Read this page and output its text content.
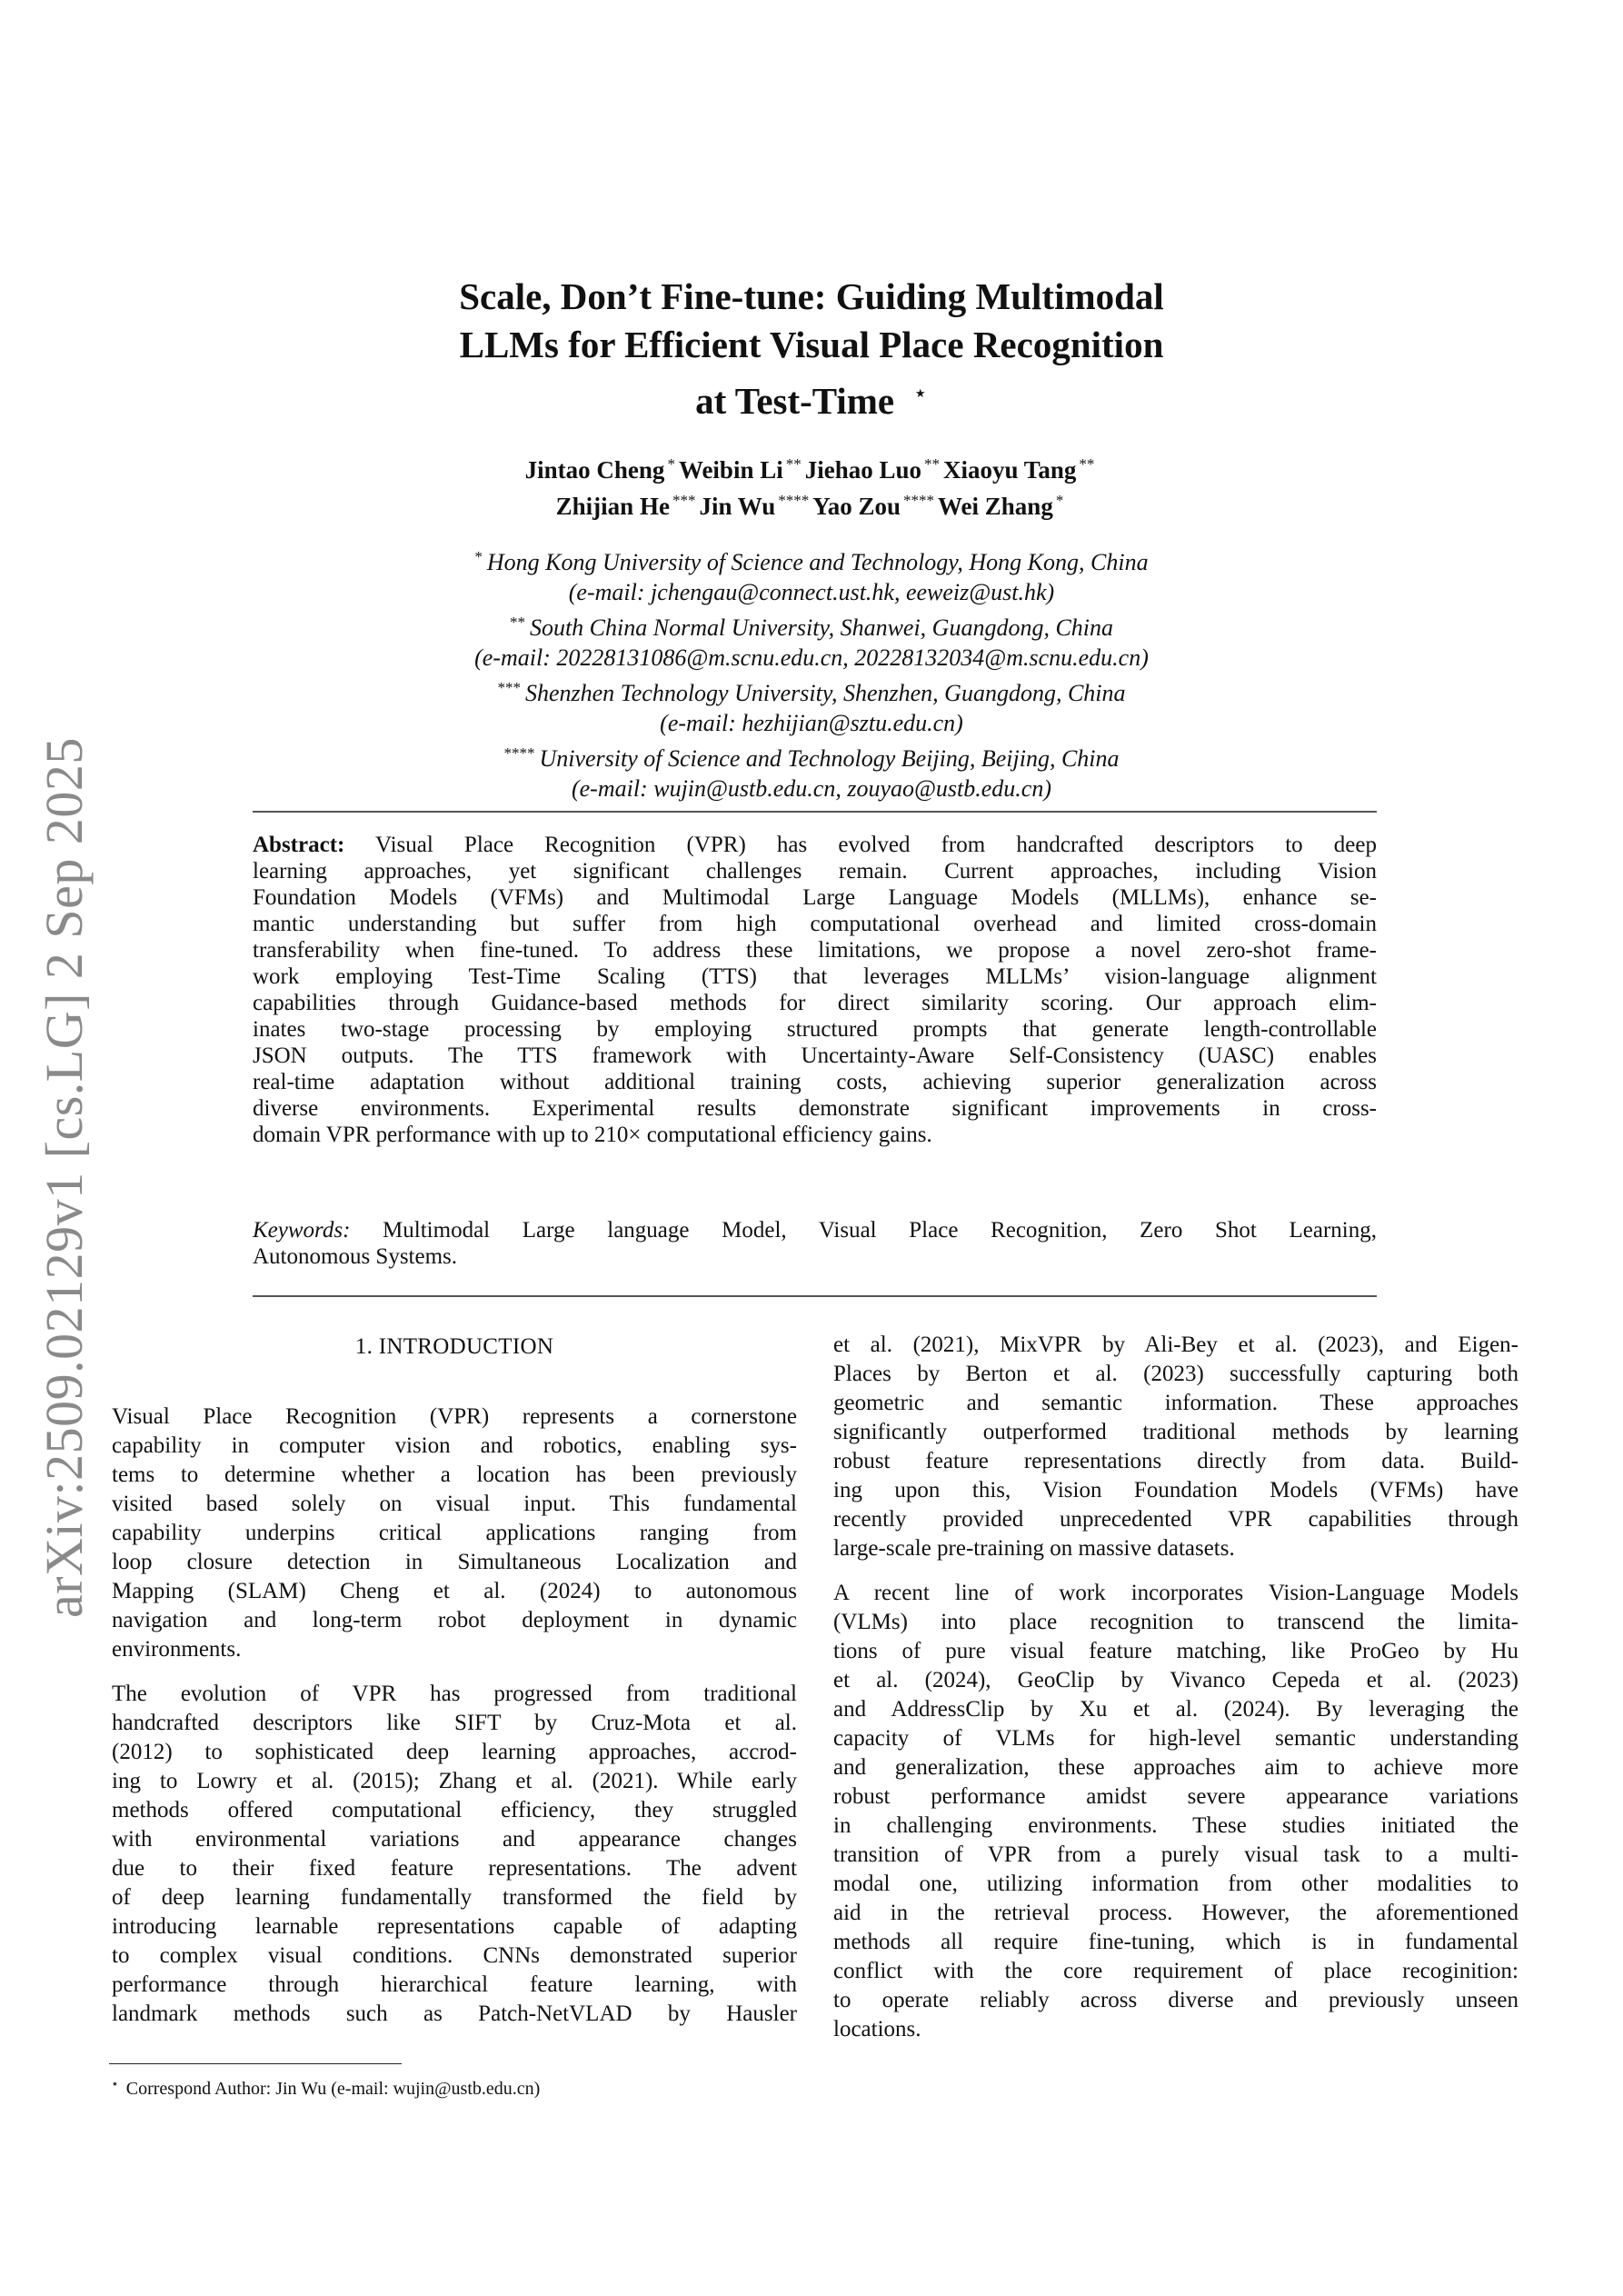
arXiv:2509.02129v1 [cs.LG] 2 Sep 2025
Scale, Don’t Fine-tune: Guiding Multimodal
LLMs for Efficient Visual Place Recognition
at Test-Time ⋆
Jintao Cheng * Weibin Li ** Jiehao Luo ** Xiaoyu Tang **
Zhijian He *** Jin Wu **** Yao Zou **** Wei Zhang *
* Hong Kong University of Science and Technology, Hong Kong, China
(e-mail: jchengau@connect.ust.hk, eeweiz@ust.hk)
** South China Normal University, Shanwei, Guangdong, China
(e-mail: 20228131086@m.scnu.edu.cn, 20228132034@m.scnu.edu.cn)
*** Shenzhen Technology University, Shenzhen, Guangdong, China
(e-mail: hezhijian@sztu.edu.cn)
**** University of Science and Technology Beijing, Beijing, China
(e-mail: wujin@ustb.edu.cn, zouyao@ustb.edu.cn)
Abstract: Visual Place Recognition (VPR) has evolved from handcrafted descriptors to deep
learning approaches, yet significant challenges remain. Current approaches, including Vision
Foundation Models (VFMs) and Multimodal Large Language Models (MLLMs), enhance se-
mantic understanding but suffer from high computational overhead and limited cross-domain
transferability when fine-tuned. To address these limitations, we propose a novel zero-shot frame-
work employing Test-Time Scaling (TTS) that leverages MLLMs’ vision-language alignment
capabilities through Guidance-based methods for direct similarity scoring. Our approach elim-
inates two-stage processing by employing structured prompts that generate length-controllable
JSON outputs. The TTS framework with Uncertainty-Aware Self-Consistency (UASC) enables
real-time adaptation without additional training costs, achieving superior generalization across
diverse environments. Experimental results demonstrate significant improvements in cross-
domain VPR performance with up to 210× computational efficiency gains.
Keywords: Multimodal Large language Model, Visual Place Recognition, Zero Shot Learning,
Autonomous Systems.
1. INTRODUCTION
Visual Place Recognition (VPR) represents a cornerstone
capability in computer vision and robotics, enabling sys-
tems to determine whether a location has been previously
visited based solely on visual input. This fundamental
capability underpins critical applications ranging from
loop closure detection in Simultaneous Localization and
Mapping (SLAM) Cheng et al. (2024) to autonomous
navigation and long-term robot deployment in dynamic
environments.
The evolution of VPR has progressed from traditional
handcrafted descriptors like SIFT by Cruz-Mota et al.
(2012) to sophisticated deep learning approaches, accrod-
ing to Lowry et al. (2015); Zhang et al. (2021). While early
methods offered computational efficiency, they struggled
with environmental variations and appearance changes
due to their fixed feature representations. The advent
of deep learning fundamentally transformed the field by
introducing learnable representations capable of adapting
to complex visual conditions. CNNs demonstrated superior
performance through hierarchical feature learning, with
landmark methods such as Patch-NetVLAD by Hausler
et al. (2021), MixVPR by Ali-Bey et al. (2023), and Eigen-
Places by Berton et al. (2023) successfully capturing both
geometric and semantic information. These approaches
significantly outperformed traditional methods by learning
robust feature representations directly from data. Build-
ing upon this, Vision Foundation Models (VFMs) have
recently provided unprecedented VPR capabilities through
large-scale pre-training on massive datasets.
A recent line of work incorporates Vision-Language Models
(VLMs) into place recognition to transcend the limita-
tions of pure visual feature matching, like ProGeo by Hu
et al. (2024), GeoClip by Vivanco Cepeda et al. (2023)
and AddressClip by Xu et al. (2024). By leveraging the
capacity of VLMs for high-level semantic understanding
and generalization, these approaches aim to achieve more
robust performance amidst severe appearance variations
in challenging environments. These studies initiated the
transition of VPR from a purely visual task to a multi-
modal one, utilizing information from other modalities to
aid in the retrieval process. However, the aforementioned
methods all require fine-tuning, which is in fundamental
conflict with the core requirement of place recoginition:
to operate reliably across diverse and previously unseen
locations.
⋆ Correspond Author: Jin Wu (e-mail: wujin@ustb.edu.cn)
